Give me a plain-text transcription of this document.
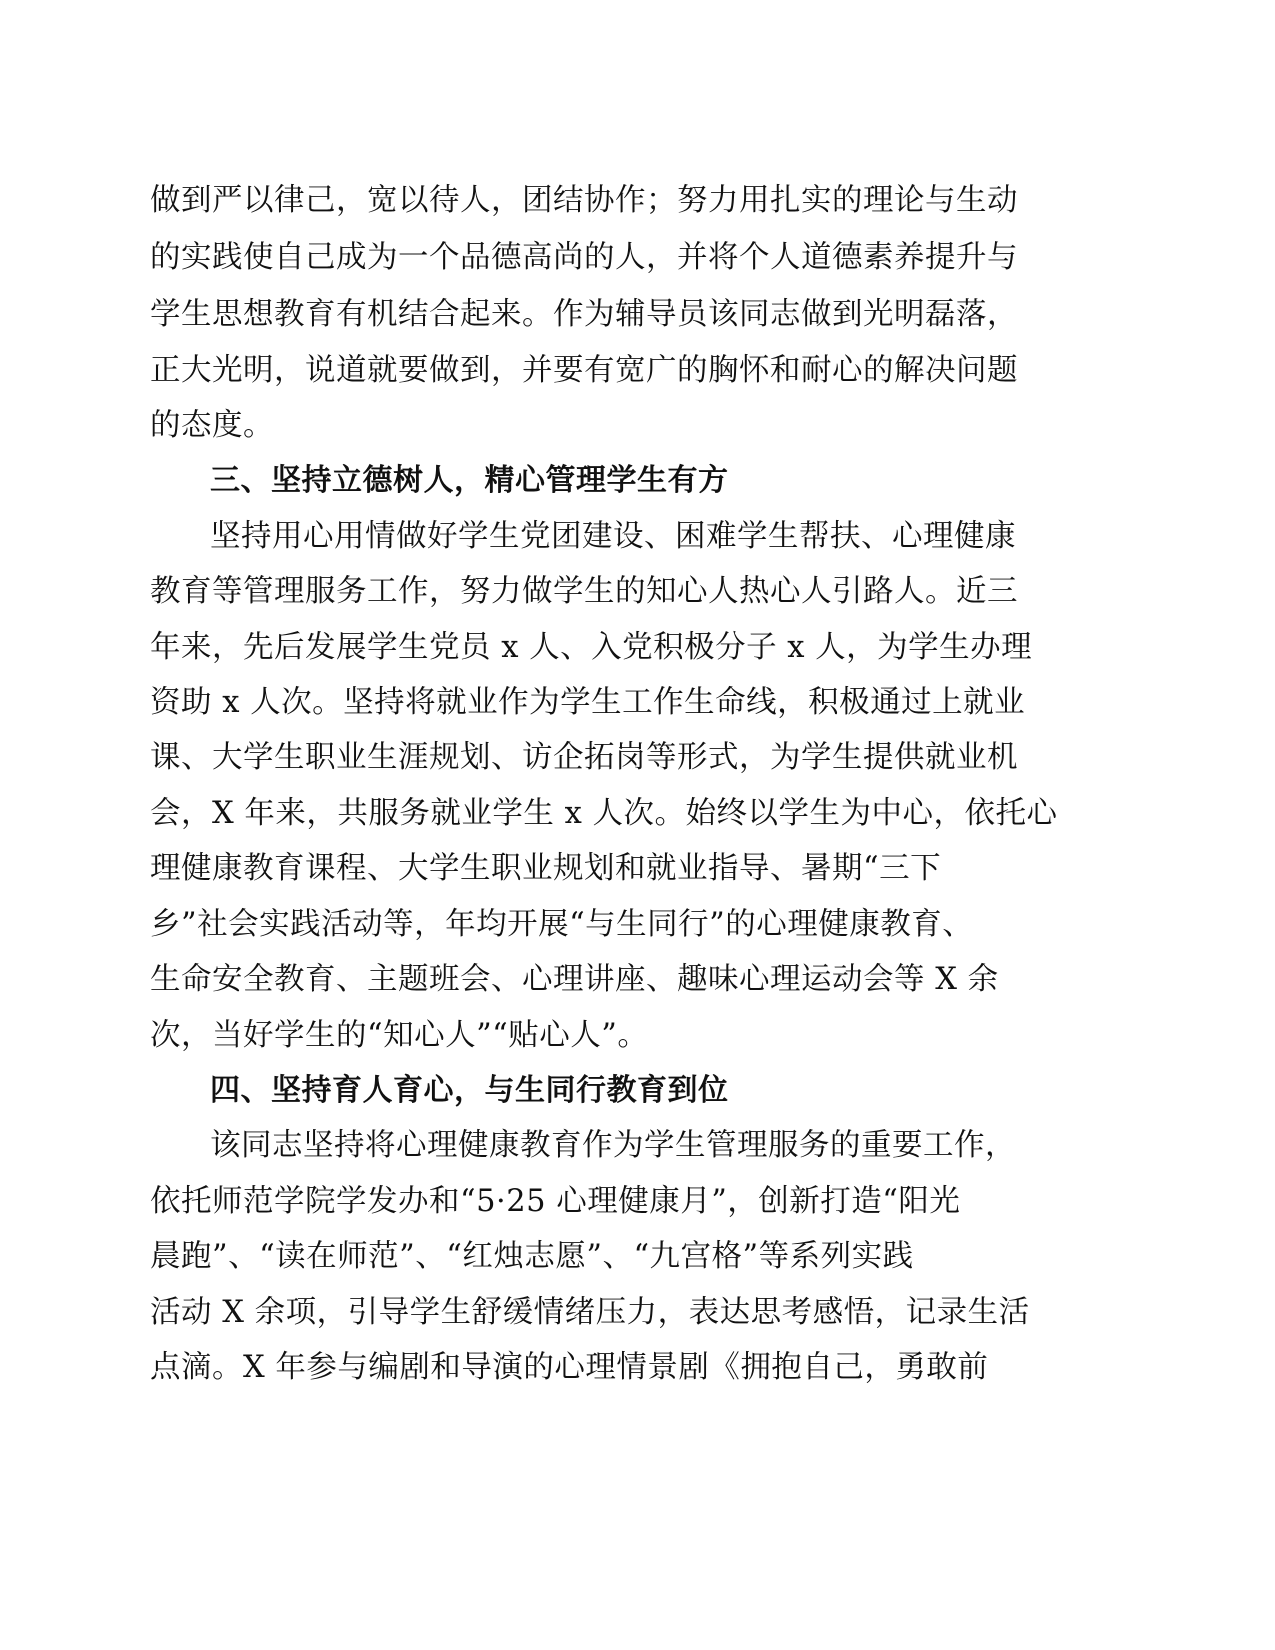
做到严以律己，宽以待人，团结协作；努力用扎实的理论与生动
的实践使自己成为一个品德高尚的人，并将个人道德素养提升与
学生思想教育有机结合起来。作为辅导员该同志做到光明磊落，
正大光明，说道就要做到，并要有宽广的胸怀和耐心的解决问题
的态度。
三、坚持立德树人，精心管理学生有方
坚持用心用情做好学生党团建设、困难学生帮扶、心理健康
教育等管理服务工作，努力做学生的知心人热心人引路人。近三
年来，先后发展学生党员 x 人、入党积极分子 x 人，为学生办理
资助 x 人次。坚持将就业作为学生工作生命线，积极通过上就业
课、大学生职业生涯规划、访企拓岗等形式，为学生提供就业机
会，X 年来，共服务就业学生 x 人次。始终以学生为中心，依托心
理健康教育课程、大学生职业规划和就业指导、暑期“三下
乡”社会实践活动等，年均开展“与生同行”的心理健康教育、
生命安全教育、主题班会、心理讲座、趣味心理运动会等 X 余
次，当好学生的“知心人”“贴心人”。
四、坚持育人育心，与生同行教育到位
该同志坚持将心理健康教育作为学生管理服务的重要工作，
依托师范学院学发办和“5·25 心理健康月”，创新打造“阳光
晨跑”、“读在师范”、“红烛志愿”、“九宫格”等系列实践
活动 X 余项，引导学生舒缓情绪压力，表达思考感悟，记录生活
点滴。X 年参与编剧和导演的心理情景剧《拥抱自己，勇敢前
